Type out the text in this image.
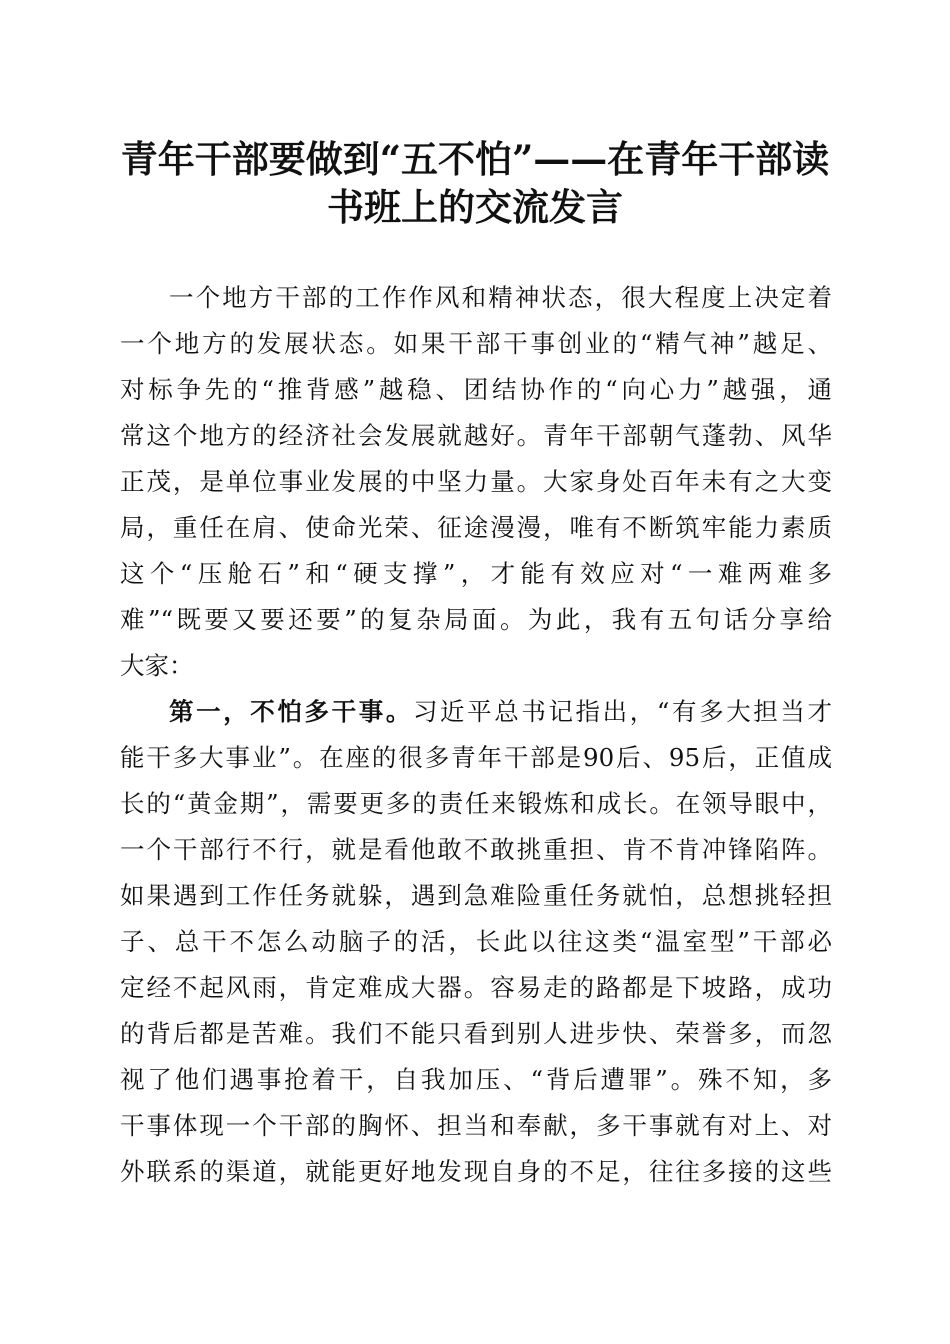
青年干部要做到“五不怕”——在青年干部读
书班上的交流发言
一个地方干部的工作作风和精神状态，很大程度上决定着
一个地方的发展状态。如果干部干事创业的“精气神”越足、
对标争先的“推背感”越稳、团结协作的“向心力”越强，通
常这个地方的经济社会发展就越好。青年干部朝气蓬勃、风华
正茂，是单位事业发展的中坚力量。大家身处百年未有之大变
局，重任在肩、使命光荣、征途漫漫，唯有不断筑牢能力素质
这个“压舱石”和“硬支撑”，才能有效应对“一难两难多
难”“既要又要还要”的复杂局面。为此，我有五句话分享给
大家：
第一，不怕多干事。习近平总书记指出，“有多大担当才
能干多大事业”。在座的很多青年干部是90后、95后，正值成
长的“黄金期”，需要更多的责任来锻炼和成长。在领导眼中，
一个干部行不行，就是看他敢不敢挑重担、肯不肯冲锋陷阵。
如果遇到工作任务就躲，遇到急难险重任务就怕，总想挑轻担
子、总干不怎么动脑子的活，长此以往这类“温室型”干部必
定经不起风雨，肯定难成大器。容易走的路都是下坡路，成功
的背后都是苦难。我们不能只看到别人进步快、荣誉多，而忽
视了他们遇事抢着干，自我加压、“背后遭罪”。殊不知，多
干事体现一个干部的胸怀、担当和奉献，多干事就有对上、对
外联系的渠道，就能更好地发现自身的不足，往往多接的这些
